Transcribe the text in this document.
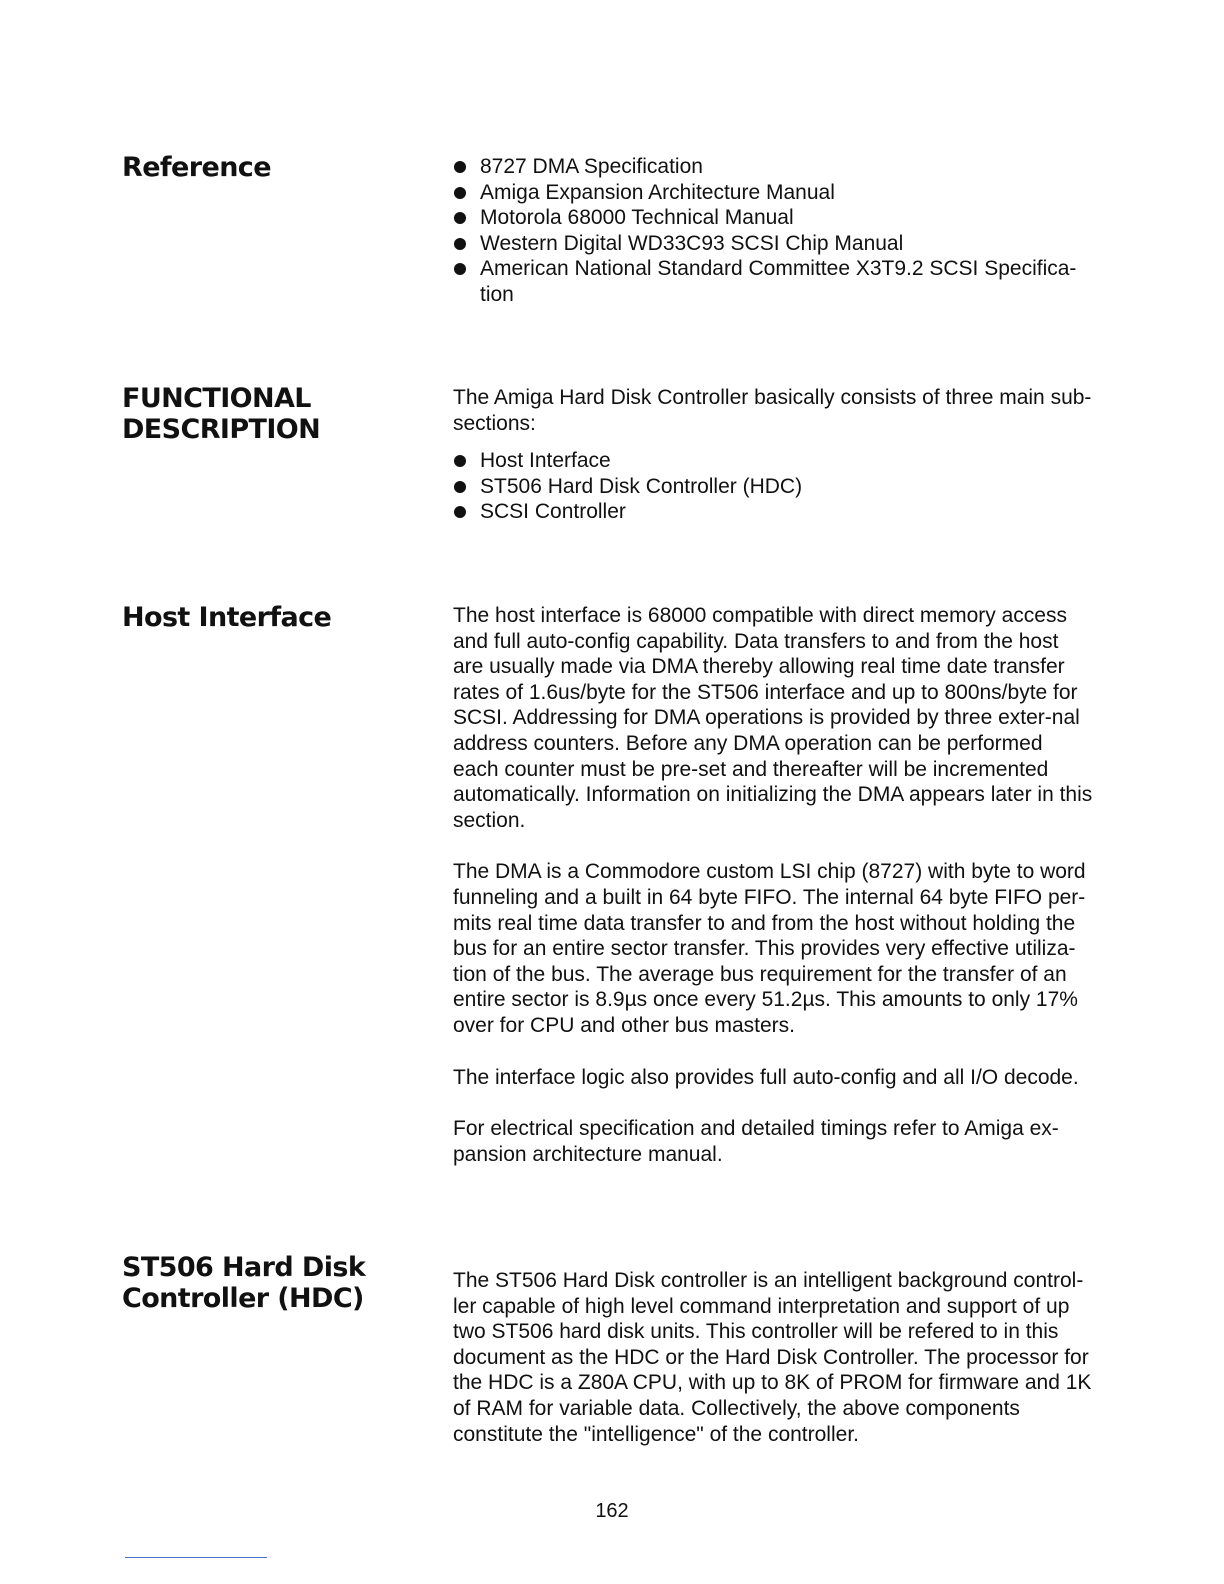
Reference	8727 DMA Specification
Amiga Expansion Architecture Manual
Motorola 68000 Technical Manual
Western Digital WD33C93 SCSI Chip Manual
American National Standard Committee X3T9.2 SCSI Specifica-tion
FUNCTIONAL
DESCRIPTION

The Amiga Hard Disk Controller basically consists of three main sub-sections:

Host Interface
ST506 Hard Disk Controller (HDC)
SCSI Controller
Host Interface	The host interface is 68000 compatible with direct memory access and full auto-config capability. Data transfers to and from the host are usually made via DMA thereby allowing real time date transfer rates of 1.6us/byte for the ST506 interface and up to 800ns/byte for SCSI. Addressing for DMA operations is provided by three exter-nal address counters. Before any DMA operation can be performed each counter must be pre-set and thereafter will be incremented automatically. Information on initializing the DMA appears later in this section.

The DMA is a Commodore custom LSI chip (8727) with byte to word funneling and a built in 64 byte FIFO. The internal 64 byte FIFO per-mits real time data transfer to and from the host without holding the bus for an entire sector transfer. This provides very effective utiliza-tion of the bus. The average bus requirement for the transfer of an entire sector is 8.9µs once every 51.2µs. This amounts to only 17% over for CPU and other bus masters.

The interface logic also provides full auto-config and all I/O decode.

For electrical specification and detailed timings refer to Amiga ex-pansion architecture manual.

ST506 Hard Disk
Controller (HDC)

The ST506 Hard Disk controller is an intelligent background control-ler capable of high level command interpretation and support of up two ST506 hard disk units. This controller will be refered to in this document as the HDC or the Hard Disk Controller. The processor for the HDC is a Z80A CPU, with up to 8K of PROM for firmware and 1K of RAM for variable data. Collectively, the above components constitute the "intelligence" of the controller.

162
